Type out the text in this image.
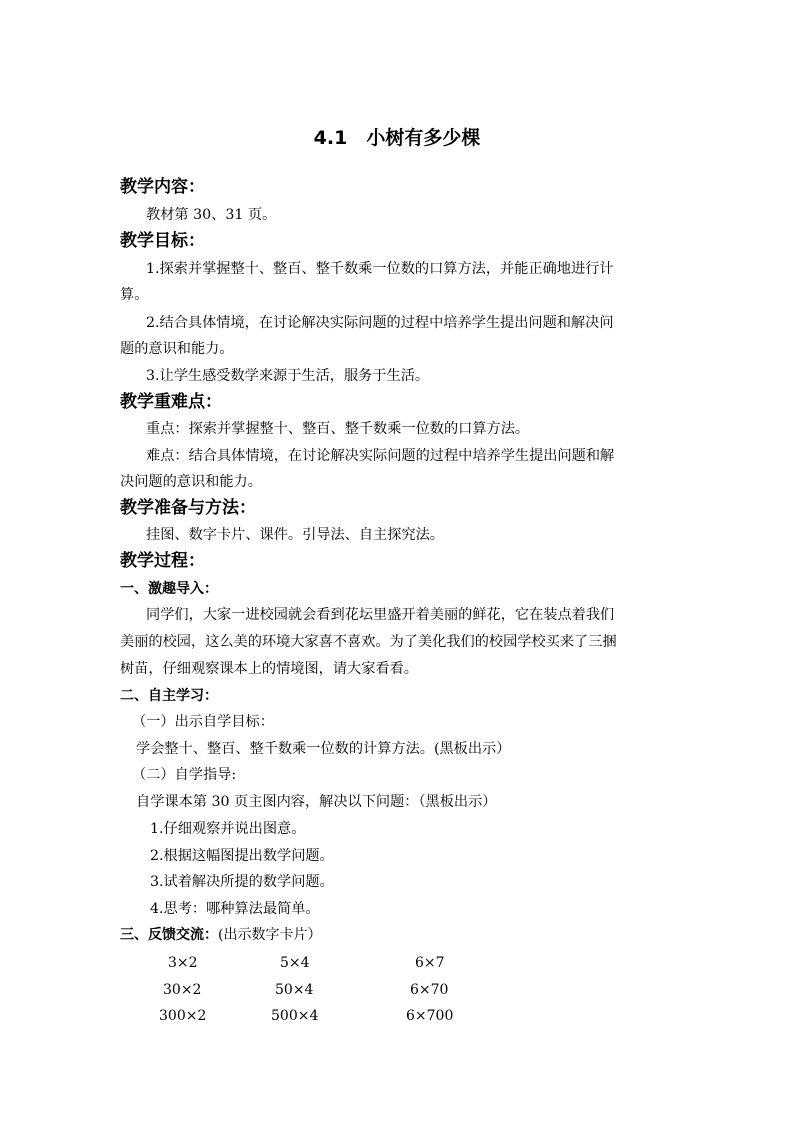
4.1　小树有多少棵
教学内容：
教材第 30、31 页。
教学目标：
1.探索并掌握整十、整百、整千数乘一位数的口算方法，并能正确地进行计
算。
2.结合具体情境，在讨论解决实际问题的过程中培养学生提出问题和解决问
题的意识和能力。
3.让学生感受数学来源于生活，服务于生活。
教学重难点：
重点：探索并掌握整十、整百、整千数乘一位数的口算方法。
难点：结合具体情境，在讨论解决实际问题的过程中培养学生提出问题和解
决问题的意识和能力。
教学准备与方法：
挂图、数字卡片、课件。引导法、自主探究法。
教学过程：
一、激趣导入：
同学们，大家一进校园就会看到花坛里盛开着美丽的鲜花，它在装点着我们
美丽的校园，这么美的环境大家喜不喜欢。为了美化我们的校园学校买来了三捆
树苗，仔细观察课本上的情境图，请大家看看。
二、自主学习：
（一）出示自学目标：
学会整十、整百、整千数乘一位数的计算方法。(黑板出示）
（二）自学指导:
自学课本第 30 页主图内容，解决以下问题：（黑板出示）
1.仔细观察并说出图意。
2.根据这幅图提出数学问题。
3.试着解决所提的数学问题。
4.思考：哪种算法最简单。
三、反馈交流：(出示数字卡片）
3×2	5×4	6×7
30×2	50×4	6×70
300×2	500×4	6×700
